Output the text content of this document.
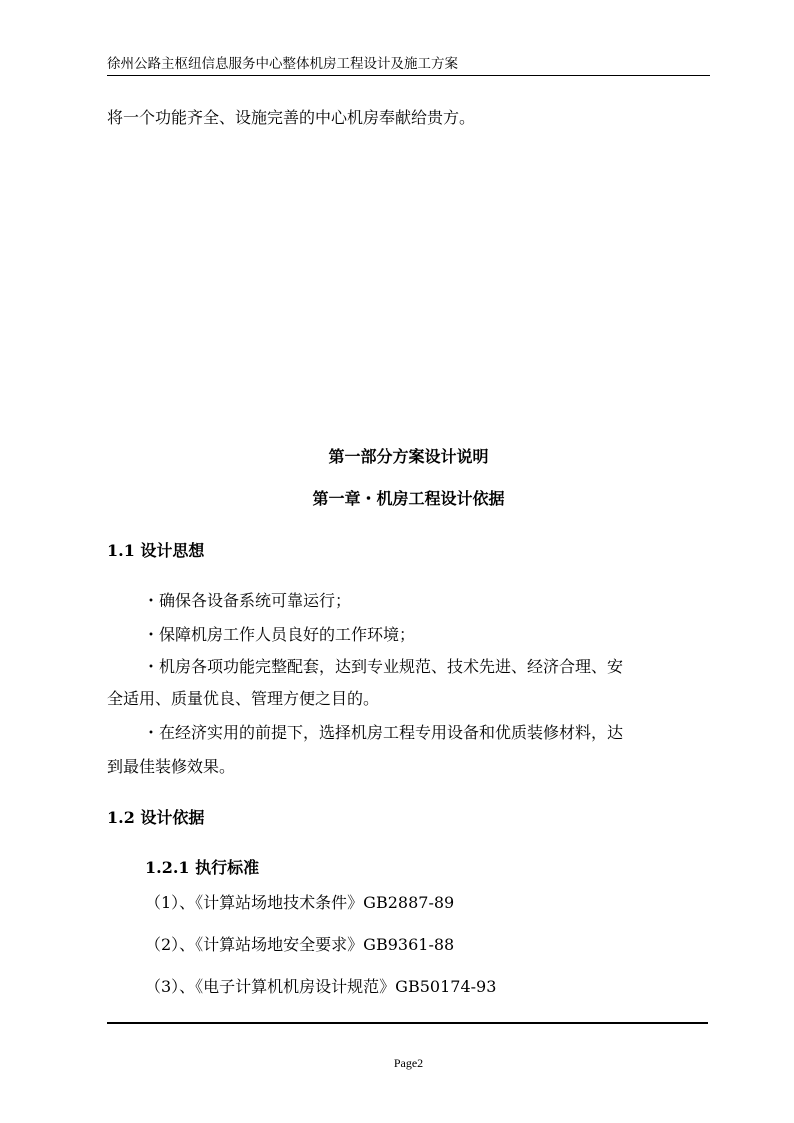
徐州公路主枢纽信息服务中心整体机房工程设计及施工方案
将一个功能齐全、设施完善的中心机房奉献给贵方。
第一部分方案设计说明
第一章・机房工程设计依据
1.1 设计思想
・确保各设备系统可靠运行；
・保障机房工作人员良好的工作环境；
・机房各项功能完整配套，达到专业规范、技术先进、经济合理、安
全适用、质量优良、管理方便之目的。
・在经济实用的前提下，选择机房工程专用设备和优质装修材料，达
到最佳装修效果。
1.2 设计依据
1.2.1 执行标准
（1）、《计算站场地技术条件》GB2887-89
（2）、《计算站场地安全要求》GB9361-88
（3）、《电子计算机机房设计规范》GB50174-93
Page2
